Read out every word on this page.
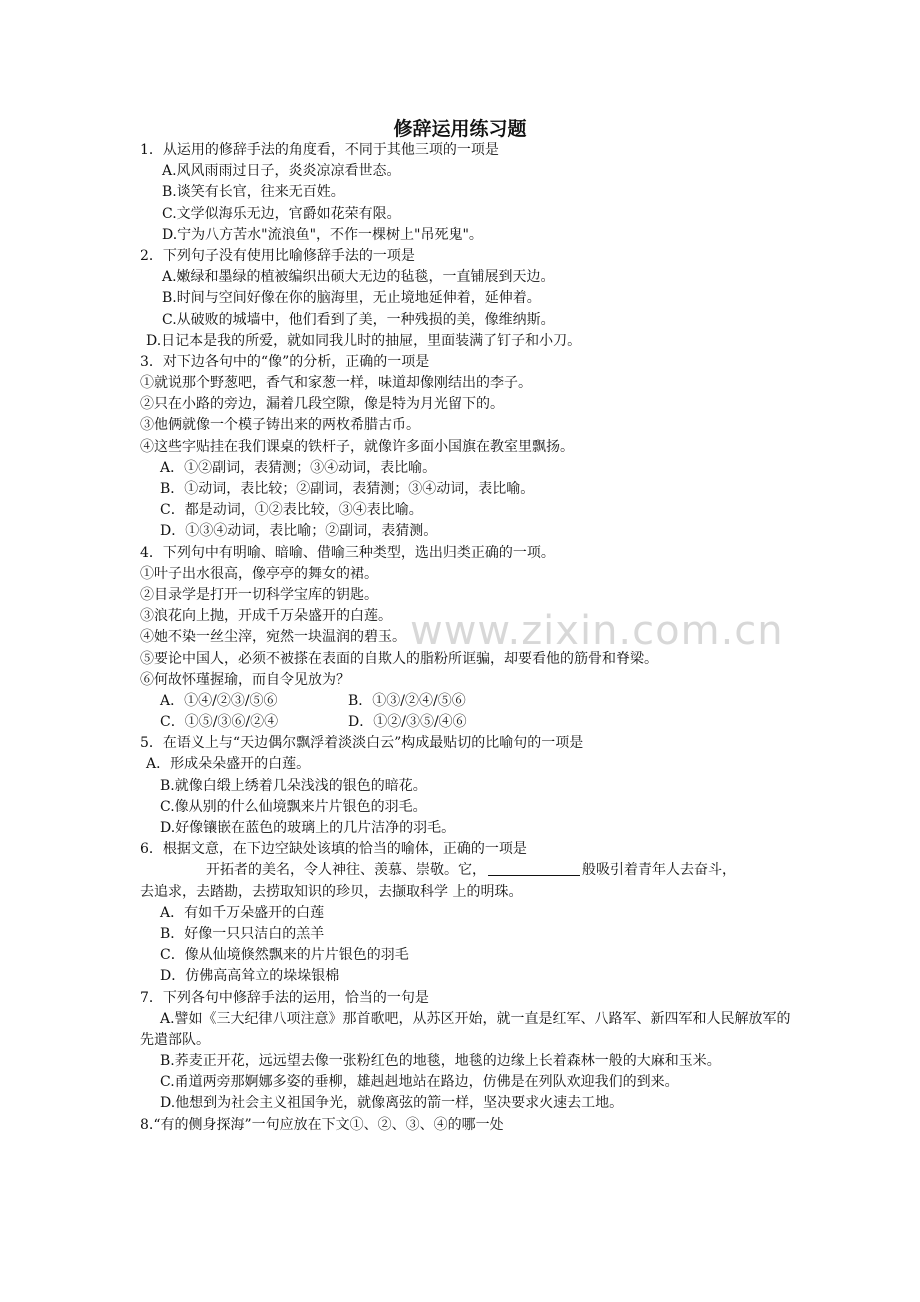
修辞运用练习题
www.zixin.com.cn
1．从运用的修辞手法的角度看，不同于其他三项的一项是
A.风风雨雨过日子，炎炎凉凉看世态。
B.谈笑有长官，往来无百姓。
C.文学似海乐无边，官爵如花荣有限。
D.宁为八方苦水"流浪鱼"，不作一棵树上"吊死鬼"。
2．下列句子没有使用比喻修辞手法的一项是
A.嫩绿和墨绿的植被编织出硕大无边的毡毯，一直铺展到天边。
B.时间与空间好像在你的脑海里，无止境地延伸着，延伸着。
C.从破败的城墙中，他们看到了美，一种残损的美，像维纳斯。
D.日记本是我的所爱，就如同我儿时的抽屉，里面装满了钉子和小刀。
3．对下边各句中的“像”的分析，正确的一项是
①就说那个野葱吧，香气和家葱一样，味道却像刚结出的李子。
②只在小路的旁边，漏着几段空隙，像是特为月光留下的。
③他俩就像一个模子铸出来的两枚希腊古币。
④这些字贴挂在我们课桌的铁杆子，就像许多面小国旗在教室里飘扬。
A．①②副词，表猜测；③④动词，表比喻。
B．①动词，表比较；②副词，表猜测；③④动词，表比喻。
C．都是动词，①②表比较，③④表比喻。
D．①③④动词，表比喻；②副词，表猜测。
4．下列句中有明喻、暗喻、借喻三种类型，选出归类正确的一项。
①叶子出水很高，像亭亭的舞女的裙。
②目录学是打开一切科学宝库的钥匙。
③浪花向上抛，开成千万朵盛开的白莲。
④她不染一丝尘滓，宛然一块温润的碧玉。
⑤要论中国人，必须不被搽在表面的自欺人的脂粉所诓骗，却要看他的筋骨和脊梁。
⑥何故怀瑾握瑜，而自令见放为？
A．①④/②③/⑤⑥	B．①③/②④/⑤⑥
C．①⑤/③⑥/②④	D．①②/③⑤/④⑥
5．在语义上与“天边偶尔飘浮着淡淡白云”构成最贴切的比喻句的一项是
A．形成朵朵盛开的白莲。
B.就像白缎上绣着几朵浅浅的银色的暗花。
C.像从别的什么仙境飘来片片银色的羽毛。
D.好像镶嵌在蓝色的玻璃上的几片洁净的羽毛。
6．根据文意，在下边空缺处该填的恰当的喻体，正确的一项是
开拓者的美名，令人神往、羡慕、崇敬。它，	般吸引着青年人去奋斗，
去追求，去踏勘，去捞取知识的珍贝，去撷取科学 上的明珠。
A．有如千万朵盛开的白莲
B．好像一只只洁白的羔羊
C．像从仙境倏然飘来的片片银色的羽毛
D．仿佛高高耸立的垛垛银棉
7．下列各句中修辞手法的运用，恰当的一句是
A.譬如《三大纪律八项注意》那首歌吧，从苏区开始，就一直是红军、八路军、新四军和人民解放军的先遣部队。
B.荞麦正开花，远远望去像一张粉红色的地毯，地毯的边缘上长着森林一般的大麻和玉米。
C.甬道两旁那婀娜多姿的垂柳，雄赳赳地站在路边，仿佛是在列队欢迎我们的到来。
D.他想到为社会主义祖国争光，就像离弦的箭一样，坚决要求火速去工地。
8.“有的侧身探海”一句应放在下文①、②、③、④的哪一处
